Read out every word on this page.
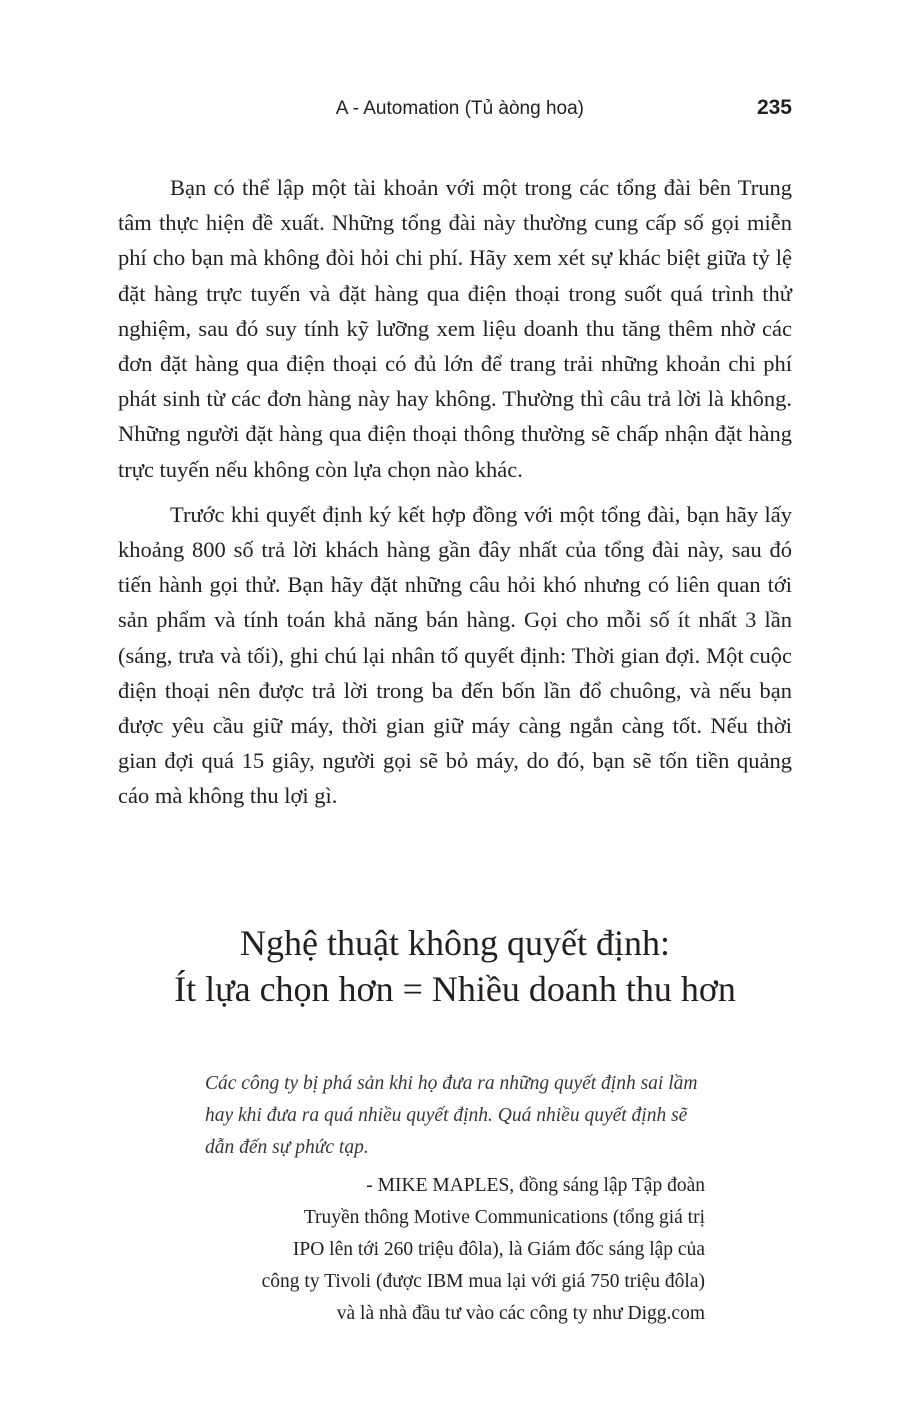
A - Automation (Tủ àòng hoa)	235

Bạn có thể lập một tài khoản với một trong các tổng đài bên Trung tâm thực hiện đề xuất. Những tổng đài này thường cung cấp số gọi miễn phí cho bạn mà không đòi hỏi chi phí. Hãy xem xét sự khác biệt giữa tỷ lệ đặt hàng trực tuyến và đặt hàng qua điện thoại trong suốt quá trình thử nghiệm, sau đó suy tính kỹ lưỡng xem liệu doanh thu tăng thêm nhờ các đơn đặt hàng qua điện thoại có đủ lớn để trang trải những khoản chi phí phát sinh từ các đơn hàng này hay không. Thường thì câu trả lời là không. Những người đặt hàng qua điện thoại thông thường sẽ chấp nhận đặt hàng trực tuyến nếu không còn lựa chọn nào khác.

Trước khi quyết định ký kết hợp đồng với một tổng đài, bạn hãy lấy khoảng 800 số trả lời khách hàng gần đây nhất của tổng đài này, sau đó tiến hành gọi thử. Bạn hãy đặt những câu hỏi khó nhưng có liên quan tới sản phẩm và tính toán khả năng bán hàng. Gọi cho mỗi số ít nhất 3 lần (sáng, trưa và tối), ghi chú lại nhân tố quyết định: Thời gian đợi. Một cuộc điện thoại nên được trả lời trong ba đến bốn lần đổ chuông, và nếu bạn được yêu cầu giữ máy, thời gian giữ máy càng ngắn càng tốt. Nếu thời gian đợi quá 15 giây, người gọi sẽ bỏ máy, do đó, bạn sẽ tốn tiền quảng cáo mà không thu lợi gì.

Nghệ thuật không quyết định:
Ít lựa chọn hơn = Nhiều doanh thu hơn

Các công ty bị phá sản khi họ đưa ra những quyết định sai lầm hay khi đưa ra quá nhiều quyết định. Quá nhiều quyết định sẽ dẫn đến sự phức tạp.

- MIKE MAPLES, đồng sáng lập Tập đoàn
Truyền thông Motive Communications (tổng giá trị
IPO lên tới 260 triệu đôla), là Giám đốc sáng lập của
công ty Tivoli (được IBM mua lại với giá 750 triệu đôla)
và là nhà đầu tư vào các công ty như Digg.com
